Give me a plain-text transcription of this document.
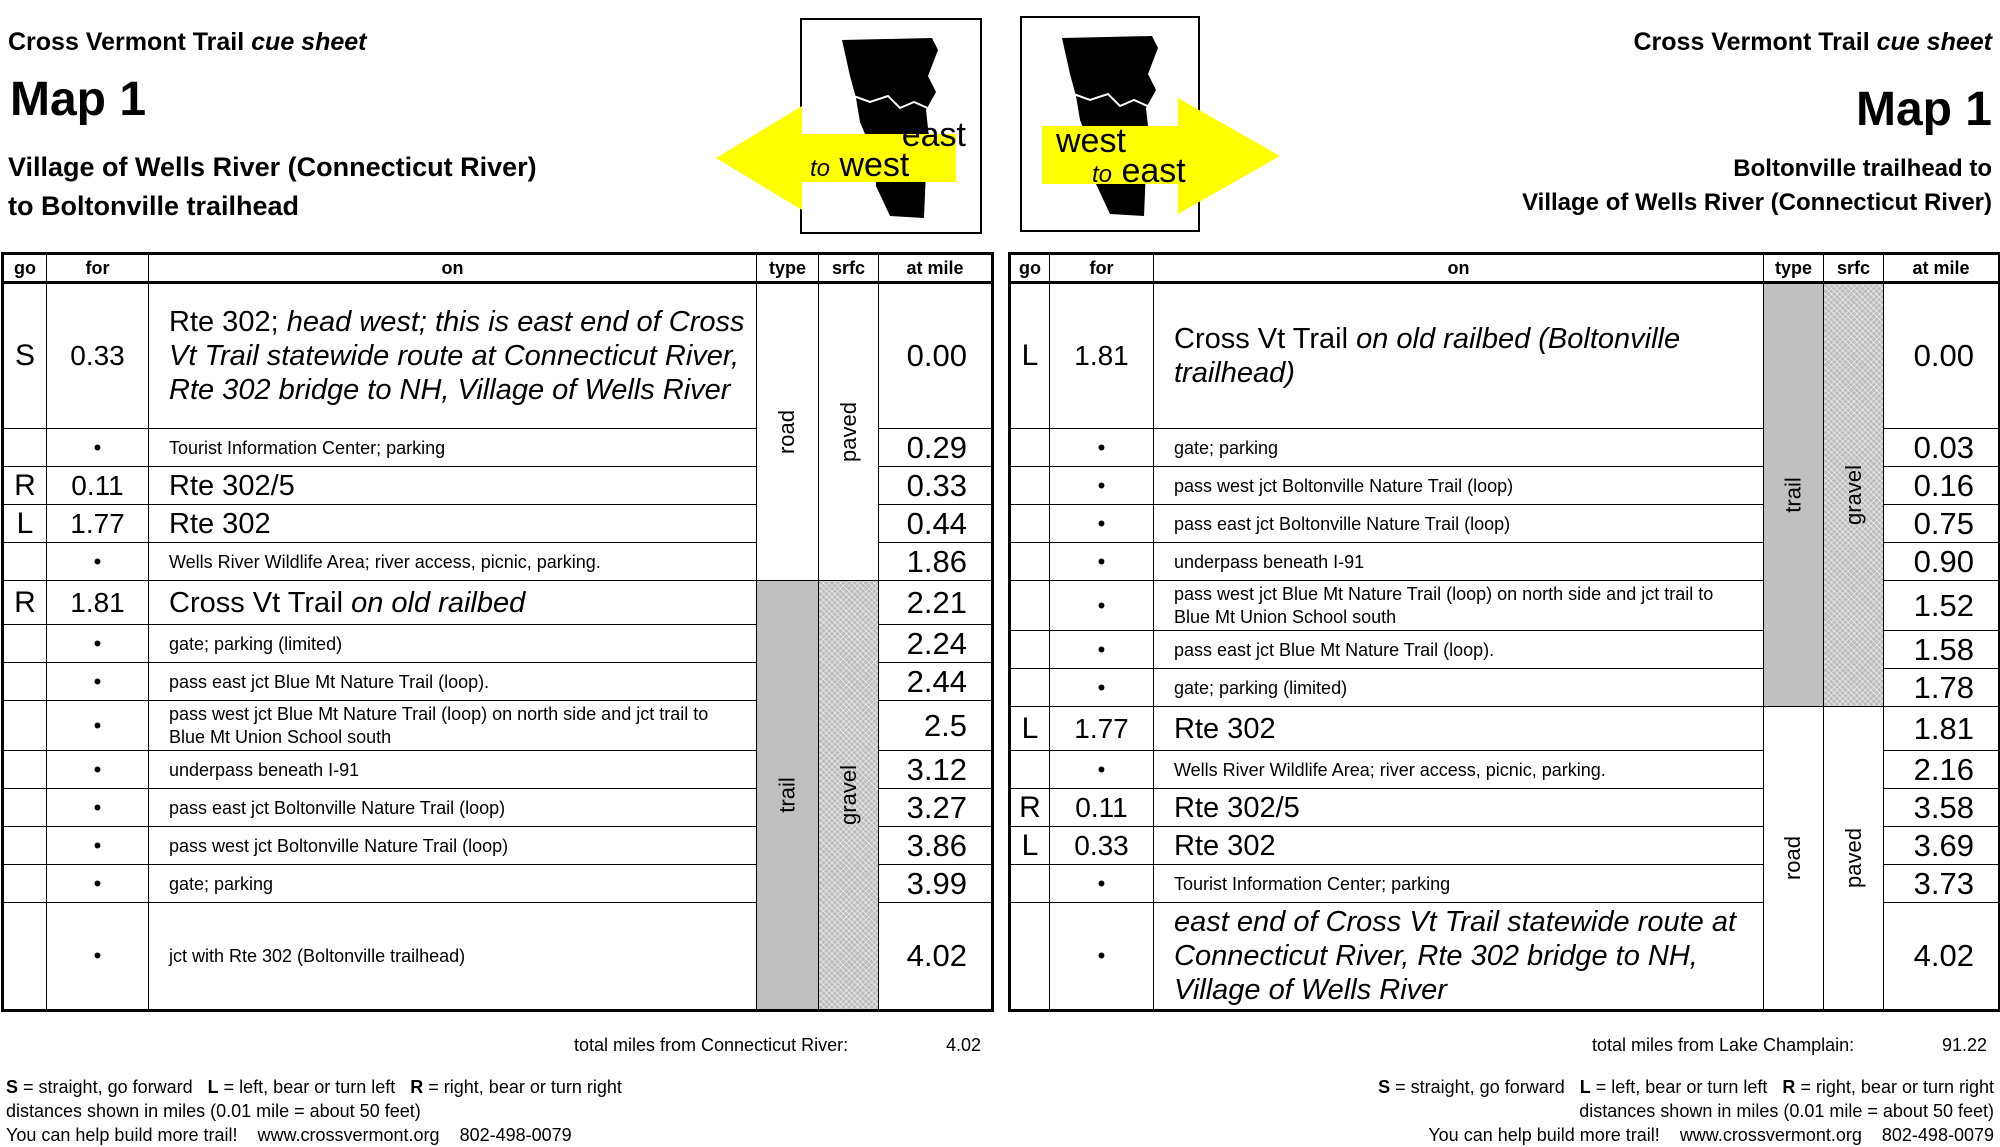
Cross Vermont Trail cue sheet
Map 1
Village of Wells River (Connecticut River)
to Boltonville trailhead
east
to west
west
to east
Cross Vermont Trail cue sheet
Map 1
Boltonville trailhead to
Village of Wells River (Connecticut River)
go	for	on	type	srfc	at mile
S	0.33	Rte 302; head west; this is east end of Cross Vt Trail statewide route at Connecticut River, Rte 302 bridge to NH, Village of Wells River	road	paved	0.00
	•	Tourist Information Center; parking			0.29
R	0.11	Rte 302/5			0.33
L	1.77	Rte 302			0.44
	•	Wells River Wildlife Area; river access, picnic, parking.			1.86
R	1.81	Cross Vt Trail on old railbed	trail	gravel	2.21
	•	gate; parking (limited)			2.24
	•	pass east jct Blue Mt Nature Trail (loop).			2.44
	•	pass west jct Blue Mt Nature Trail (loop) on north side and jct trail to Blue Mt Union School south			2.5
	•	underpass beneath I-91			3.12
	•	pass east jct Boltonville Nature Trail (loop)			3.27
	•	pass west jct Boltonville Nature Trail (loop)			3.86
	•	gate; parking			3.99
	•	jct with Rte 302 (Boltonville trailhead)			4.02
go	for	on	type	srfc	at mile
L	1.81	Cross Vt Trail on old railbed (Boltonville trailhead)	trail	gravel	0.00
	•	gate; parking			0.03
	•	pass west jct Boltonville Nature Trail (loop)			0.16
	•	pass east jct Boltonville Nature Trail (loop)			0.75
	•	underpass beneath I-91			0.90
	•	pass west jct Blue Mt Nature Trail (loop) on north side and jct trail to Blue Mt Union School south			1.52
	•	pass east jct Blue Mt Nature Trail (loop).			1.58
	•	gate; parking (limited)			1.78
L	1.77	Rte 302	road	paved	1.81
	•	Wells River Wildlife Area; river access, picnic, parking.			2.16
R	0.11	Rte 302/5			3.58
L	0.33	Rte 302			3.69
	•	Tourist Information Center; parking			3.73
	•	east end of Cross Vt Trail statewide route at Connecticut River, Rte 302 bridge to NH, Village of Wells River			4.02
total miles from Connecticut River:	4.02	total miles from Lake Champlain:	91.22
S = straight, go forward L = left, bear or turn left R = right, bear or turn right
distances shown in miles (0.01 mile = about 50 feet)
You can help build more trail! www.crossvermont.org 802-498-0079
S = straight, go forward L = left, bear or turn left R = right, bear or turn right
distances shown in miles (0.01 mile = about 50 feet)
You can help build more trail! www.crossvermont.org 802-498-0079
